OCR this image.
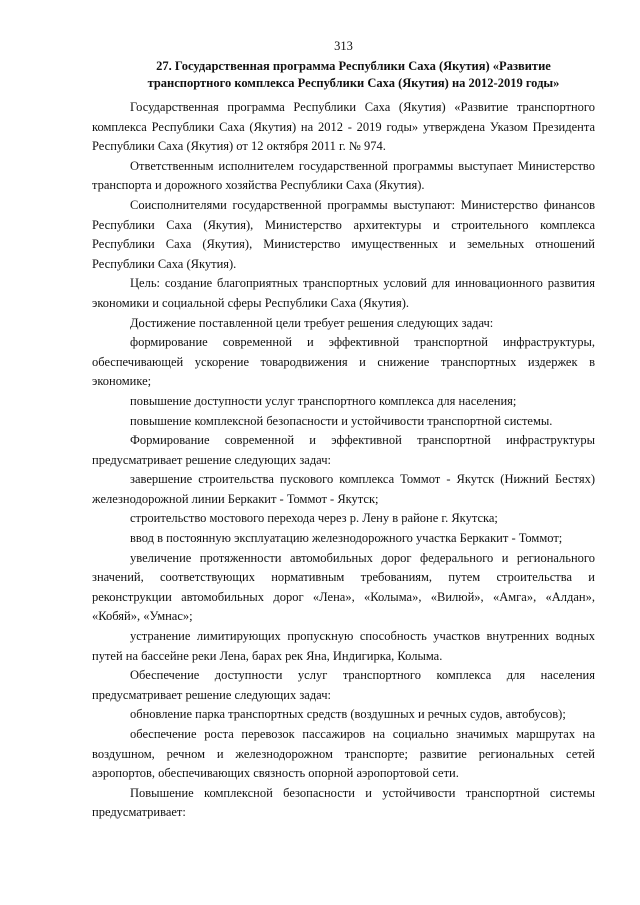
313
27. Государственная программа Республики Саха (Якутия) «Развитие
транспортного комплекса Республики Саха (Якутия) на 2012-2019 годы»

Государственная программа Республики Саха (Якутия) «Развитие транспортного комплекса Республики Саха (Якутия) на 2012 - 2019 годы» утверждена Указом Президента Республики Саха (Якутия) от 12 октября 2011 г. № 974.

Ответственным исполнителем государственной программы выступает Министерство транспорта и дорожного хозяйства Республики Саха (Якутия).

Соисполнителями государственной программы выступают: Министерство финансов Республики Саха (Якутия), Министерство архитектуры и строительного комплекса Республики Саха (Якутия), Министерство имущественных и земельных отношений Республики Саха (Якутия).

Цель: создание благоприятных транспортных условий для инновационного развития экономики и социальной сферы Республики Саха (Якутия).

Достижение поставленной цели требует решения следующих задач:

формирование современной и эффективной транспортной инфраструктуры, обеспечивающей ускорение товародвижения и снижение транспортных издержек в экономике;

повышение доступности услуг транспортного комплекса для населения;

повышение комплексной безопасности и устойчивости транспортной системы.

Формирование современной и эффективной транспортной инфраструктуры предусматривает решение следующих задач:

завершение строительства пускового комплекса Томмот - Якутск (Нижний Бестях) железнодорожной линии Беркакит - Томмот - Якутск;

строительство мостового перехода через р. Лену в районе г. Якутска;

ввод в постоянную эксплуатацию железнодорожного участка Беркакит - Томмот;

увеличение протяженности автомобильных дорог федерального и регионального значений, соответствующих нормативным требованиям, путем строительства и реконструкции автомобильных дорог «Лена», «Колыма», «Вилюй», «Амга», «Алдан», «Кобяй», «Умнас»;

устранение лимитирующих пропускную способность участков внутренних водных путей на бассейне реки Лена, барах рек Яна, Индигирка, Колыма.

Обеспечение доступности услуг транспортного комплекса для населения предусматривает решение следующих задач:

обновление парка транспортных средств (воздушных и речных судов, автобусов);

обеспечение роста перевозок пассажиров на социально значимых маршрутах на воздушном, речном и железнодорожном транспорте; развитие региональных сетей аэропортов, обеспечивающих связность опорной аэропортовой сети.

Повышение комплексной безопасности и устойчивости транспортной системы предусматривает:
